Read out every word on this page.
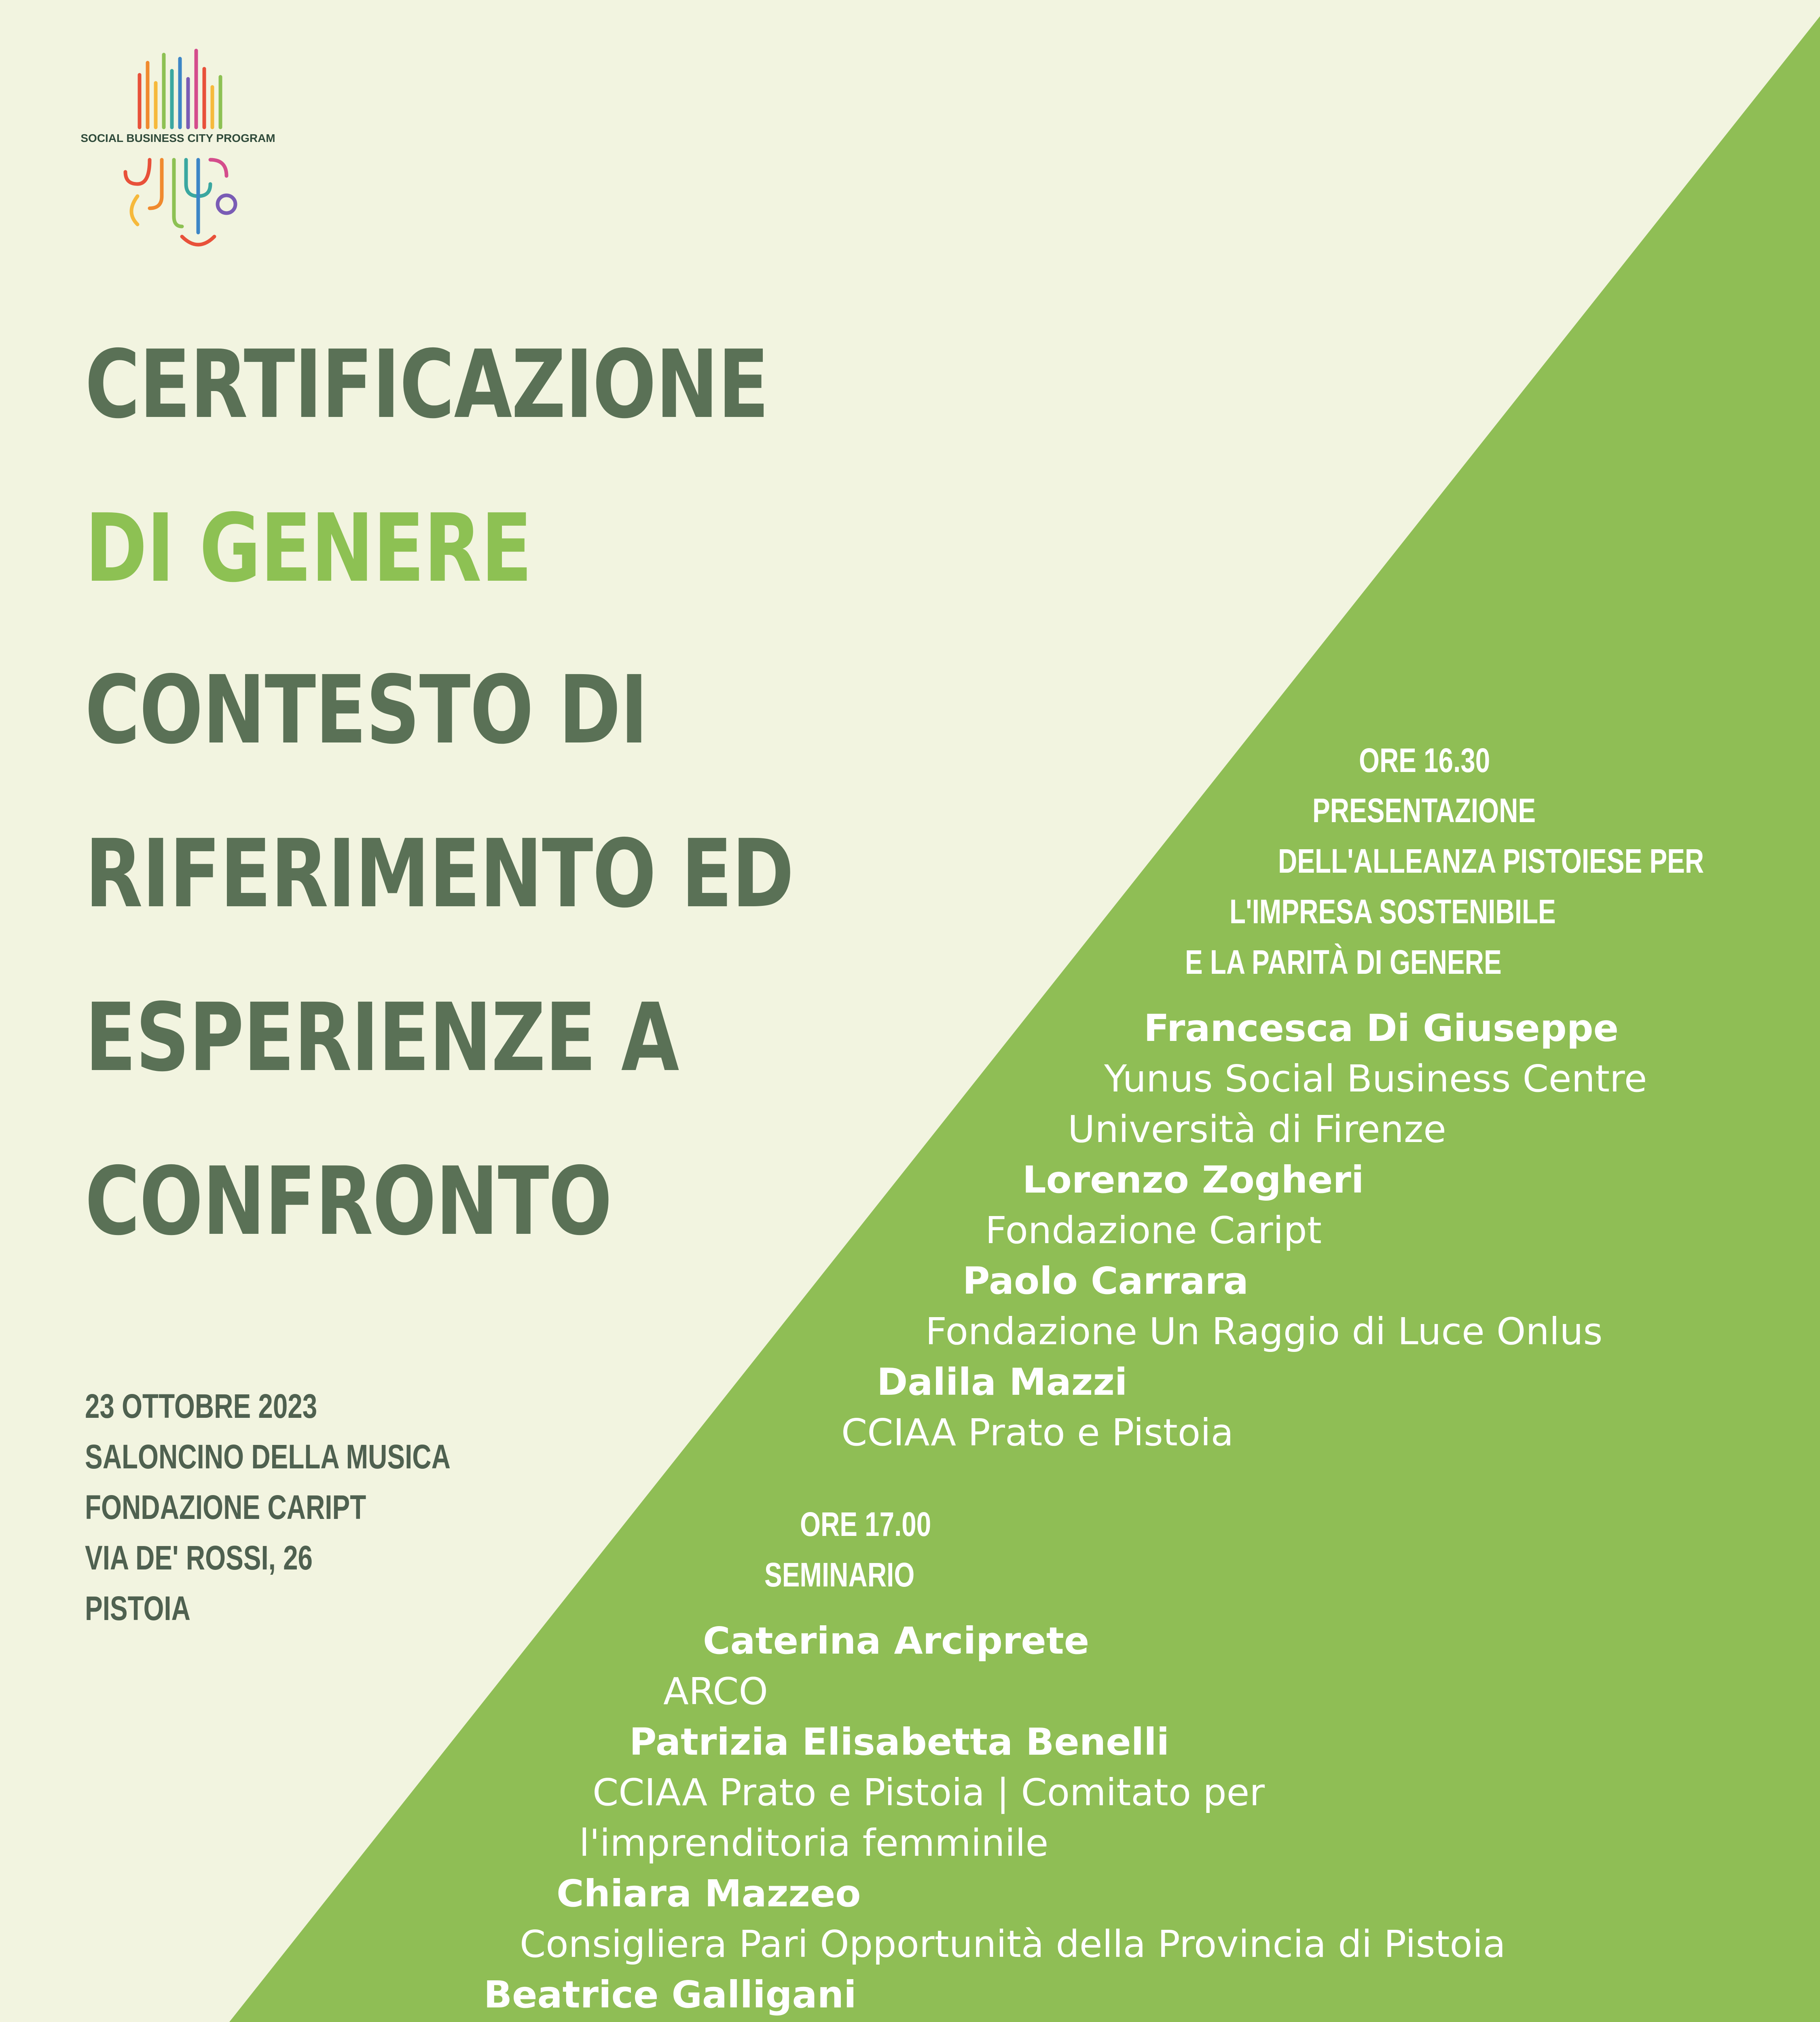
SOCIAL BUSINESS CITY PROGRAM
CERTIFICAZIONE
DI GENERE
CONTESTO DI
RIFERIMENTO ED
ESPERIENZE A
CONFRONTO
23 OTTOBRE 2023
SALONCINO DELLA MUSICA
FONDAZIONE CARIPT
VIA DE' ROSSI, 26
PISTOIA
ORE 16.30
PRESENTAZIONE
DELL'ALLEANZA PISTOIESE PER
L'IMPRESA SOSTENIBILE
E LA PARITÀ DI GENERE
Francesca Di Giuseppe
Yunus Social Business Centre
Università di Firenze
Lorenzo Zogheri
Fondazione Caript
Paolo Carrara
Fondazione Un Raggio di Luce Onlus
Dalila Mazzi
CCIAA Prato e Pistoia
ORE 17.00
SEMINARIO
Caterina Arciprete
ARCO
Patrizia Elisabetta Benelli
CCIAA Prato e Pistoia | Comitato per
l'imprenditoria femminile
Chiara Mazzeo
Consigliera Pari Opportunità della Provincia di Pistoia
Beatrice Galligani
